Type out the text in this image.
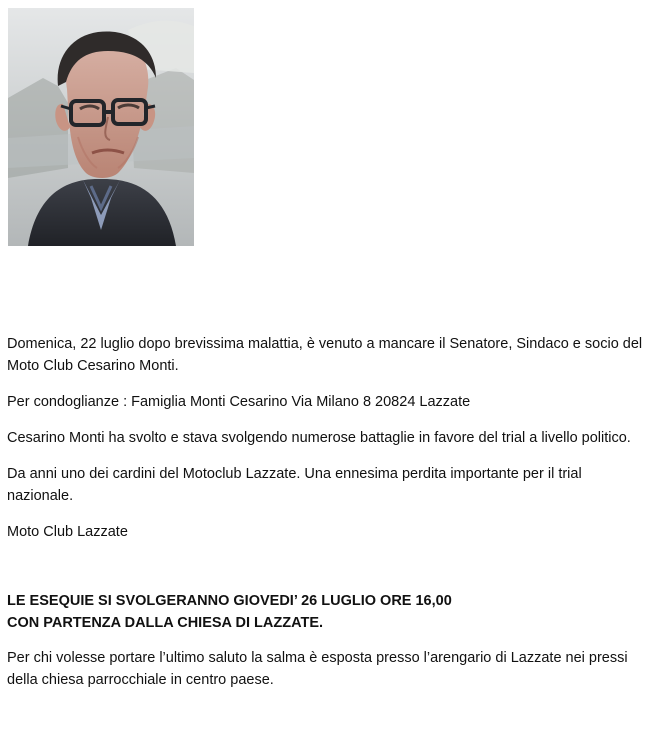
Domenica, 22 luglio dopo brevissima malattia, è venuto a mancare il Senatore, Sindaco e socio del
Moto Club Cesarino Monti.

Per condoglianze : Famiglia Monti Cesarino Via Milano 8 20824 Lazzate

Cesarino Monti ha svolto e stava svolgendo numerose battaglie in favore del trial a livello politico.

Da anni uno dei cardini del Motoclub Lazzate. Una ennesima perdita importante per il trial
nazionale.

Moto Club Lazzate

LE ESEQUIE SI SVOLGERANNO GIOVEDI’ 26 LUGLIO ORE 16,00
CON PARTENZA DALLA CHIESA DI LAZZATE.

Per chi volesse portare l’ultimo saluto la salma è esposta presso l’arengario di Lazzate nei pressi
della chiesa parrocchiale in centro paese.
